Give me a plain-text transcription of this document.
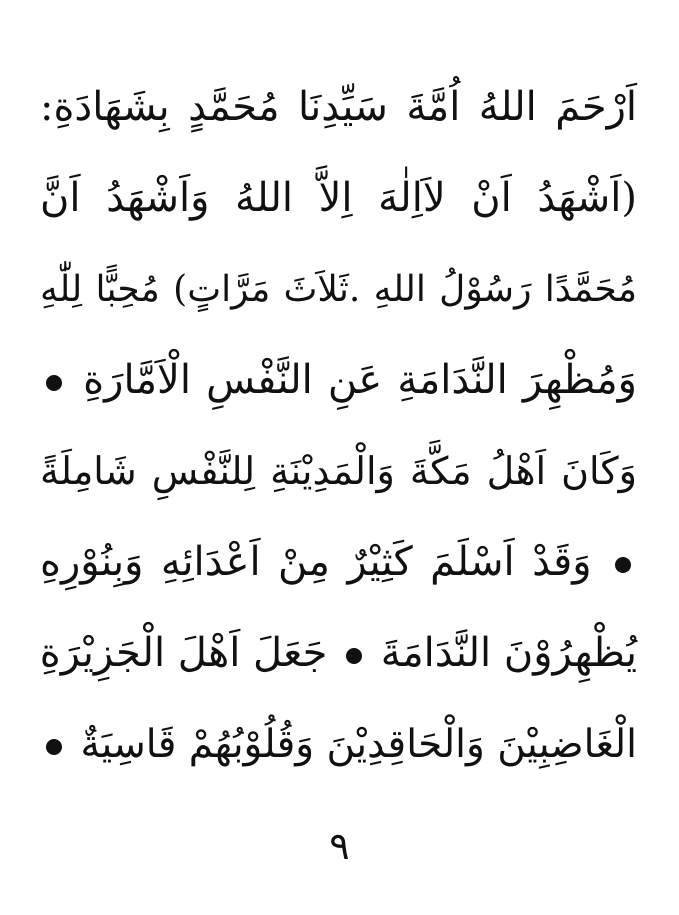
اَرْحَمَ اللهُ اُمَّةَ سَيِّدِنَا مُحَمَّدٍ بِشَهَادَةِ:
(اَشْهَدُ اَنْ لاَاِلٰهَ اِلاَّ اللهُ وَاَشْهَدُ اَنَّ
مُحَمَّدًا رَسُوْلُ اللهِ .ثَلاَثَ مَرَّاتٍ) مُحِبًّا لِلّٰهِ
وَمُظْهِرَ النَّدَامَةِ عَنِ النَّفْسِ الْاَمَّارَةِ
وَكَانَ اَهْلُ مَكَّةَ وَالْمَدِيْنَةِ لِلنَّفْسِ شَامِلَةً
وَقَدْ اَسْلَمَ كَثِيْرٌ مِنْ اَعْدَائِهِ وَبِنُوْرِهِ
يُظْهِرُوْنَ النَّدَامَةَ  جَعَلَ اَهْلَ الْجَزِيْرَةِ
الْغَاضِبِيْنَ وَالْحَاقِدِيْنَ وَقُلُوْبُهُمْ قَاسِيَةٌ
٩
